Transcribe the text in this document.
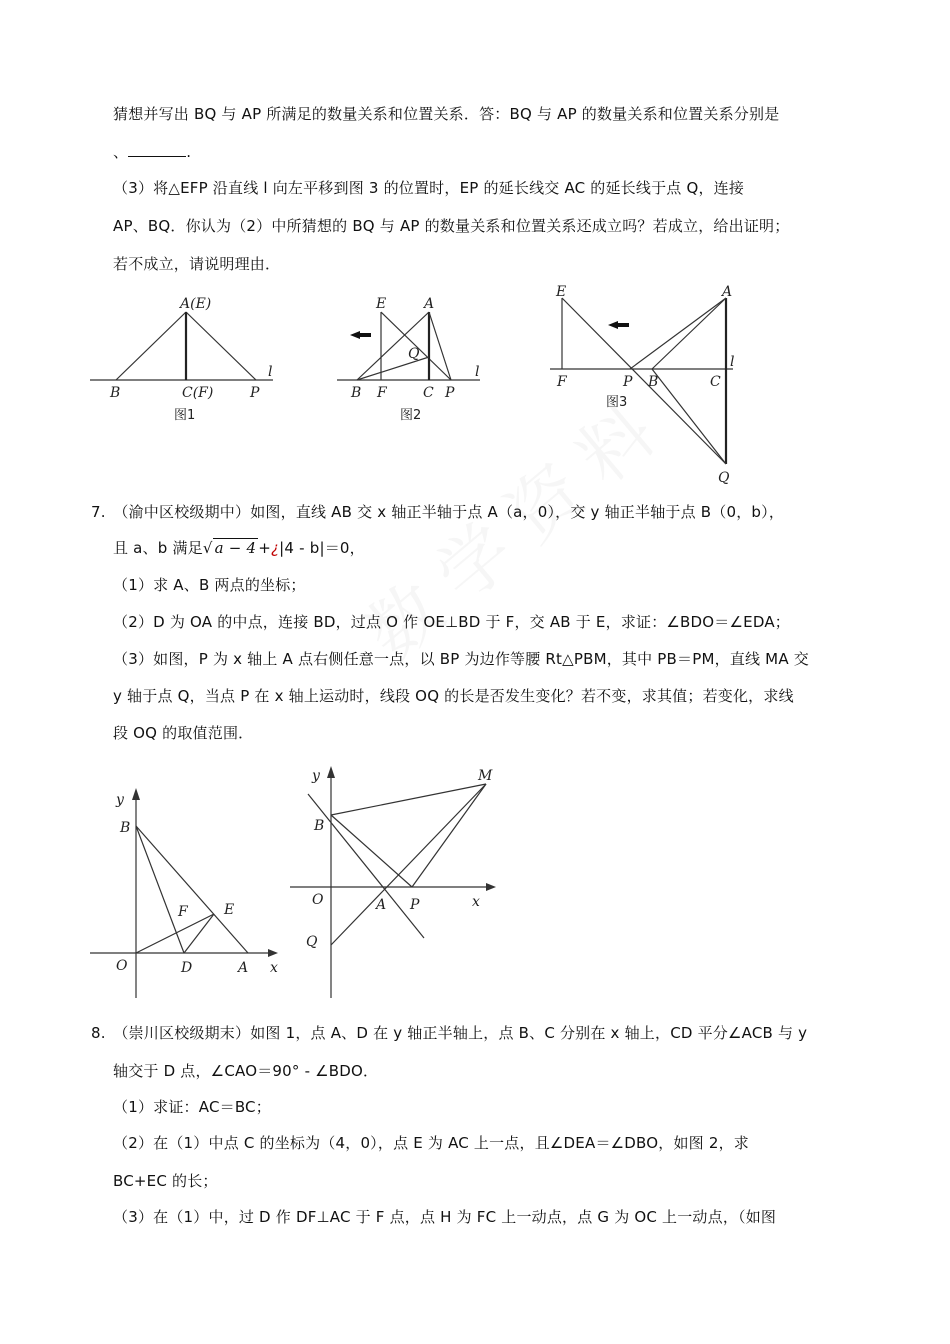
猜想并写出 BQ 与 AP 所满足的数量关系和位置关系．答：BQ 与 AP 的数量关系和位置关系分别是
、	.
（3）将△EFP 沿直线 l 向左平移到图 3 的位置时，EP 的延长线交 AC 的延长线于点 Q，连接
AP、BQ．你认为（2）中所猜想的 BQ 与 AP 的数量关系和位置关系还成立吗？若成立，给出证明；
若不成立，请说明理由．
A(E)
B	C(F)	P
l
图1
E	A
Q
B F	C P
l
图2
E	A
F	P B	C
l
Q
图3
7.　（渝中区校级期中）如图，直线 AB 交 x 轴正半轴于点 A（a，0），交 y 轴正半轴于点 B（0，b），
且 a、b 满足√ a − 4 +¿|4 - b|＝0，
（1）求 A、B 两点的坐标；
（2）D 为 OA 的中点，连接 BD，过点 O 作 OE⊥BD 于 F，交 AB 于 E，求证：∠BDO＝∠EDA；
（3）如图，P 为 x 轴上 A 点右侧任意一点，以 BP 为边作等腰 Rt△PBM，其中 PB＝PM，直线 MA 交
y 轴于点 Q，当点 P 在 x 轴上运动时，线段 OQ 的长是否发生变化？若不变，求其值；若变化，求线
段 OQ 的取值范围．
y
B
F	E
O	D	A x
y	M
B
O	A P	x
Q
8.　（崇川区校级期末）如图 1，点 A、D 在 y 轴正半轴上，点 B、C 分别在 x 轴上，CD 平分∠ACB 与 y
轴交于 D 点，∠CAO＝90° - ∠BDO．
（1）求证：AC＝BC；
（2）在（1）中点 C 的坐标为（4，0），点 E 为 AC 上一点，且∠DEA＝∠DBO，如图 2，求
BC+EC 的长；
（3）在（1）中，过 D 作 DF⊥AC 于 F 点，点 H 为 FC 上一动点，点 G 为 OC 上一动点，（如图
